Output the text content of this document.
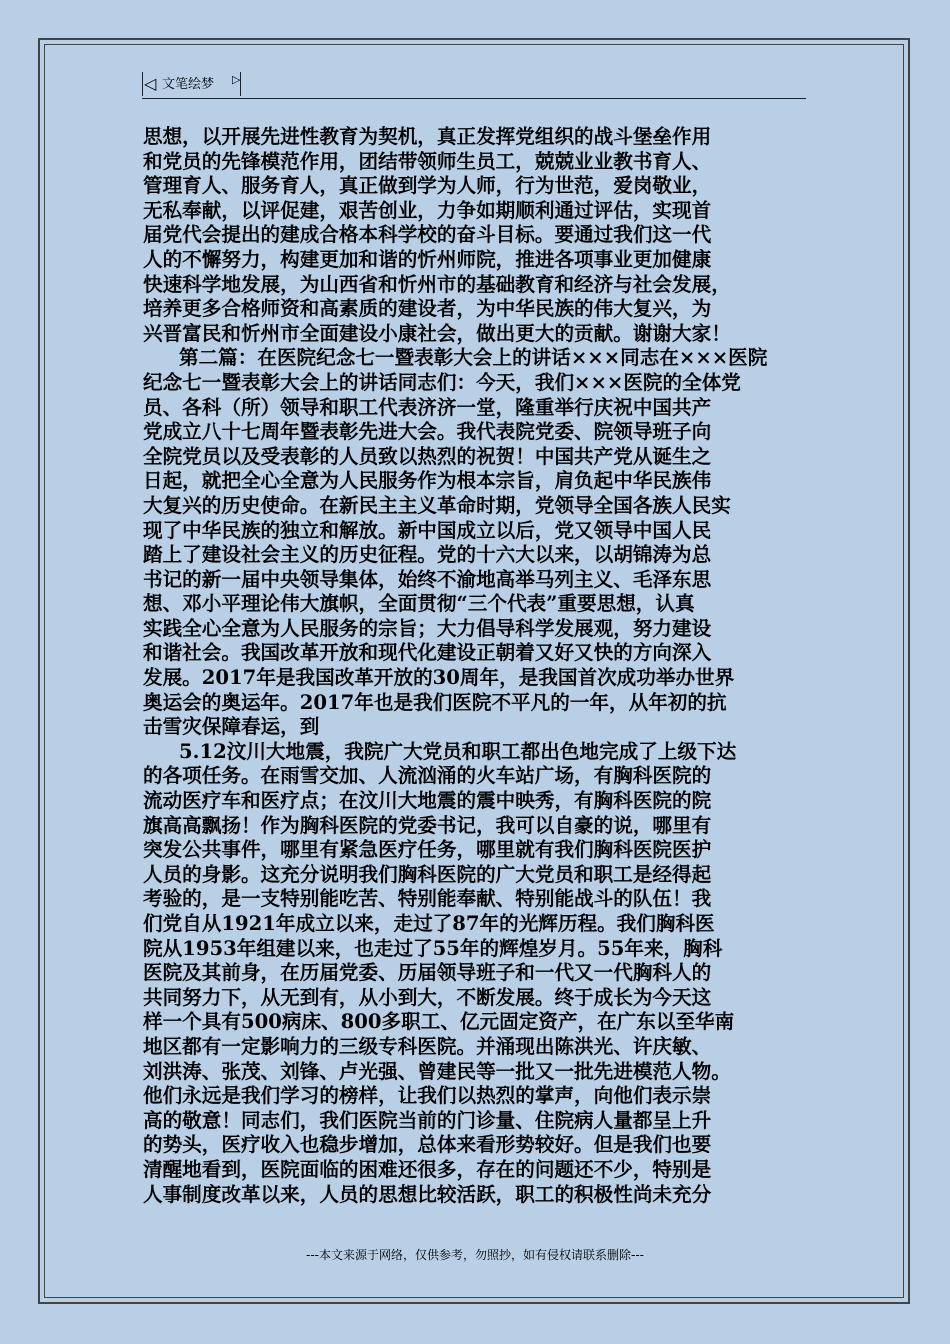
◁ 文笔绘梦 ▷
思想，以开展先进性教育为契机，真正发挥党组织的战斗堡垒作用
和党员的先锋模范作用，团结带领师生员工，兢兢业业教书育人、
管理育人、服务育人，真正做到学为人师，行为世范，爱岗敬业，
无私奉献，以评促建，艰苦创业，力争如期顺利通过评估，实现首
届党代会提出的建成合格本科学校的奋斗目标。要通过我们这一代
人的不懈努力，构建更加和谐的忻州师院，推进各项事业更加健康
快速科学地发展，为山西省和忻州市的基础教育和经济与社会发展，
培养更多合格师资和高素质的建设者，为中华民族的伟大复兴，为
兴晋富民和忻州市全面建设小康社会，做出更大的贡献。谢谢大家！
第二篇：在医院纪念七一暨表彰大会上的讲话×××同志在×××医院
纪念七一暨表彰大会上的讲话同志们：今天，我们×××医院的全体党
员、各科（所）领导和职工代表济济一堂，隆重举行庆祝中国共产
党成立八十七周年暨表彰先进大会。我代表院党委、院领导班子向
全院党员以及受表彰的人员致以热烈的祝贺！中国共产党从诞生之
日起，就把全心全意为人民服务作为根本宗旨，肩负起中华民族伟
大复兴的历史使命。在新民主主义革命时期，党领导全国各族人民实
现了中华民族的独立和解放。新中国成立以后，党又领导中国人民
踏上了建设社会主义的历史征程。党的十六大以来，以胡锦涛为总
书记的新一届中央领导集体，始终不渝地高举马列主义、毛泽东思
想、邓小平理论伟大旗帜，全面贯彻“三个代表”重要思想，认真
实践全心全意为人民服务的宗旨；大力倡导科学发展观，努力建设
和谐社会。我国改革开放和现代化建设正朝着又好又快的方向深入
发展。2017年是我国改革开放的30周年，是我国首次成功举办世界
奥运会的奥运年。2017年也是我们医院不平凡的一年，从年初的抗
击雪灾保障春运，到
5.12汶川大地震，我院广大党员和职工都出色地完成了上级下达
的各项任务。在雨雪交加、人流汹涌的火车站广场，有胸科医院的
流动医疗车和医疗点；在汶川大地震的震中映秀，有胸科医院的院
旗高高飘扬！作为胸科医院的党委书记，我可以自豪的说，哪里有
突发公共事件，哪里有紧急医疗任务，哪里就有我们胸科医院医护
人员的身影。这充分说明我们胸科医院的广大党员和职工是经得起
考验的，是一支特别能吃苦、特别能奉献、特别能战斗的队伍！我
们党自从1921年成立以来，走过了87年的光辉历程。我们胸科医
院从1953年组建以来，也走过了55年的辉煌岁月。55年来，胸科
医院及其前身，在历届党委、历届领导班子和一代又一代胸科人的
共同努力下，从无到有，从小到大，不断发展。终于成长为今天这
样一个具有500病床、800多职工、亿元固定资产，在广东以至华南
地区都有一定影响力的三级专科医院。并涌现出陈洪光、许庆敏、
刘洪涛、张茂、刘锋、卢光强、曾建民等一批又一批先进模范人物。
他们永远是我们学习的榜样，让我们以热烈的掌声，向他们表示崇
高的敬意！同志们，我们医院当前的门诊量、住院病人量都呈上升
的势头，医疗收入也稳步增加，总体来看形势较好。但是我们也要
清醒地看到，医院面临的困难还很多，存在的问题还不少，特别是
人事制度改革以来，人员的思想比较活跃，职工的积极性尚未充分
---本文来源于网络，仅供参考，勿照抄，如有侵权请联系删除---
